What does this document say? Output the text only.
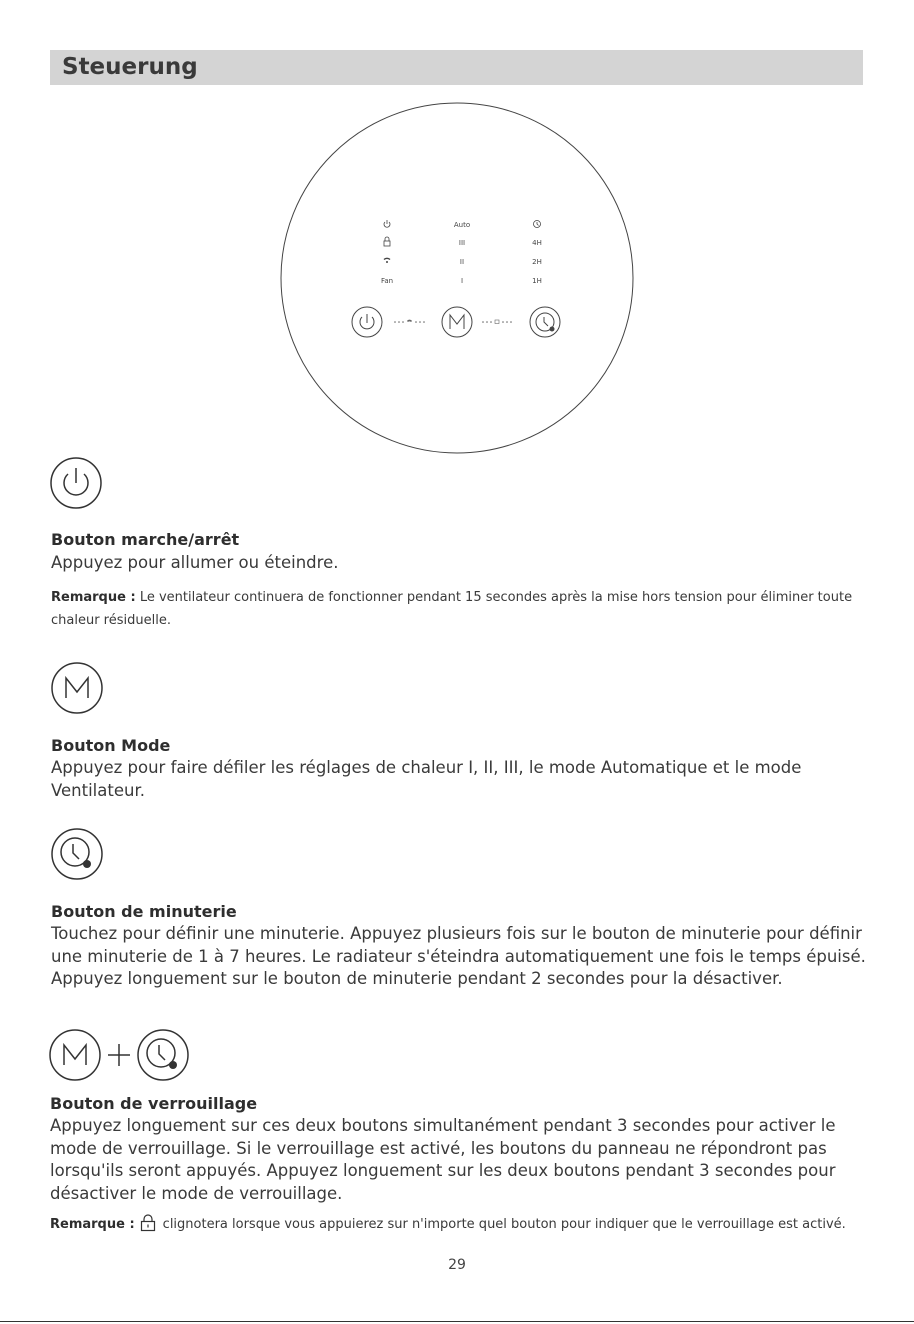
Steuerung
Fan
Auto
III
II
I
4H
2H
1H
Bouton marche/arrêt
Appuyez pour allumer ou éteindre.
Remarque : Le ventilateur continuera de fonctionner pendant 15 secondes après la mise hors tension pour éliminer toute chaleur résiduelle.
Bouton Mode
Appuyez pour faire défiler les réglages de chaleur I, II, III, le mode Automatique et le mode Ventilateur.
Bouton de minuterie
Touchez pour définir une minuterie. Appuyez plusieurs fois sur le bouton de minuterie pour définir une minuterie de 1 à 7 heures. Le radiateur s'éteindra automatiquement une fois le temps épuisé. Appuyez longuement sur le bouton de minuterie pendant 2 secondes pour la désactiver.
Bouton de verrouillage
Appuyez longuement sur ces deux boutons simultanément pendant 3 secondes pour activer le mode de verrouillage. Si le verrouillage est activé, les boutons du panneau ne répondront pas lorsqu'ils seront appuyés. Appuyez longuement sur les deux boutons pendant 3 secondes pour désactiver le mode de verrouillage.
Remarque : clignotera lorsque vous appuierez sur n'importe quel bouton pour indiquer que le verrouillage est activé.
29
